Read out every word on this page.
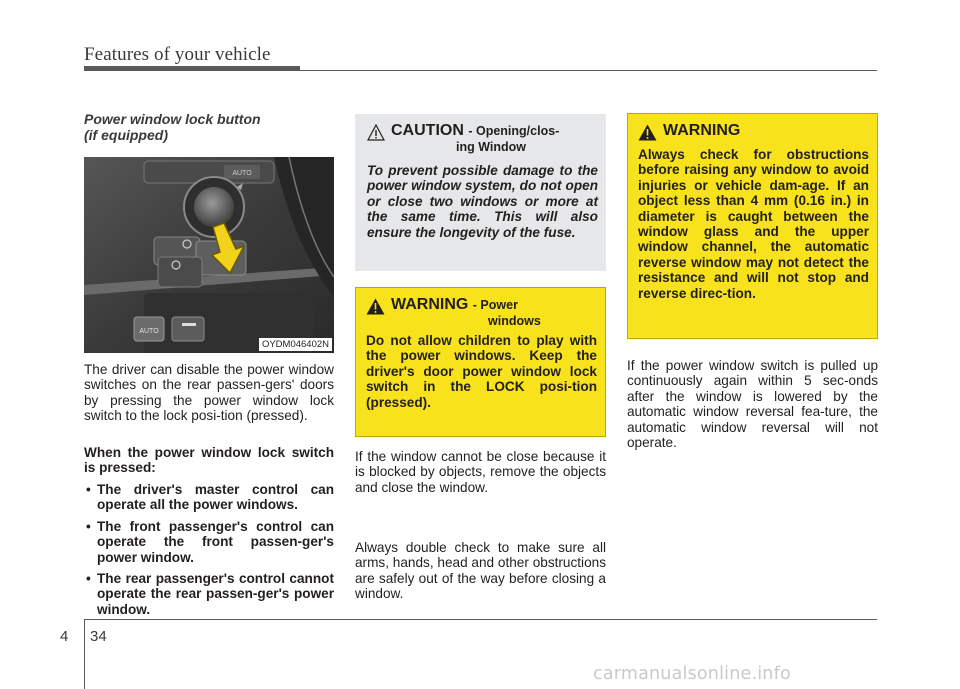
Features of your vehicle
Power window lock button
(if equipped)
AUTO
AUTO
OYDM046402N
The driver can disable the power window switches on the rear passen-gers' doors by pressing the power window lock switch to the lock posi-tion (pressed).
When the power window lock switch is pressed:
• The driver's master control can operate all the power windows.
• The front passenger's control can operate the front passen-ger's power window.
• The rear passenger's control cannot operate the rear passen-ger's power window.
CAUTION - Opening/clos-
ing Window
To prevent possible damage to the power window system, do not open or close two windows or more at the same time. This will also ensure the longevity of the fuse.
WARNING - Power
windows
Do not allow children to play with the power windows. Keep the driver's door power window lock switch in the LOCK posi-tion (pressed).
If the window cannot be close because it is blocked by objects, remove the objects and close the window.
Always double check to make sure all arms, hands, head and other obstructions are safely out of the way before closing a window.
WARNING
Always check for obstructions before raising any window to avoid injuries or vehicle dam-age. If an object less than 4 mm (0.16 in.) in diameter is caught between the window glass and the upper window channel, the automatic reverse window may not detect the resistance and will not stop and reverse direc-tion.
If the power window switch is pulled up continuously again within 5 sec-onds after the window is lowered by the automatic window reversal fea-ture, the automatic window reversal will not operate.
4 34
carmanualsonline.info
